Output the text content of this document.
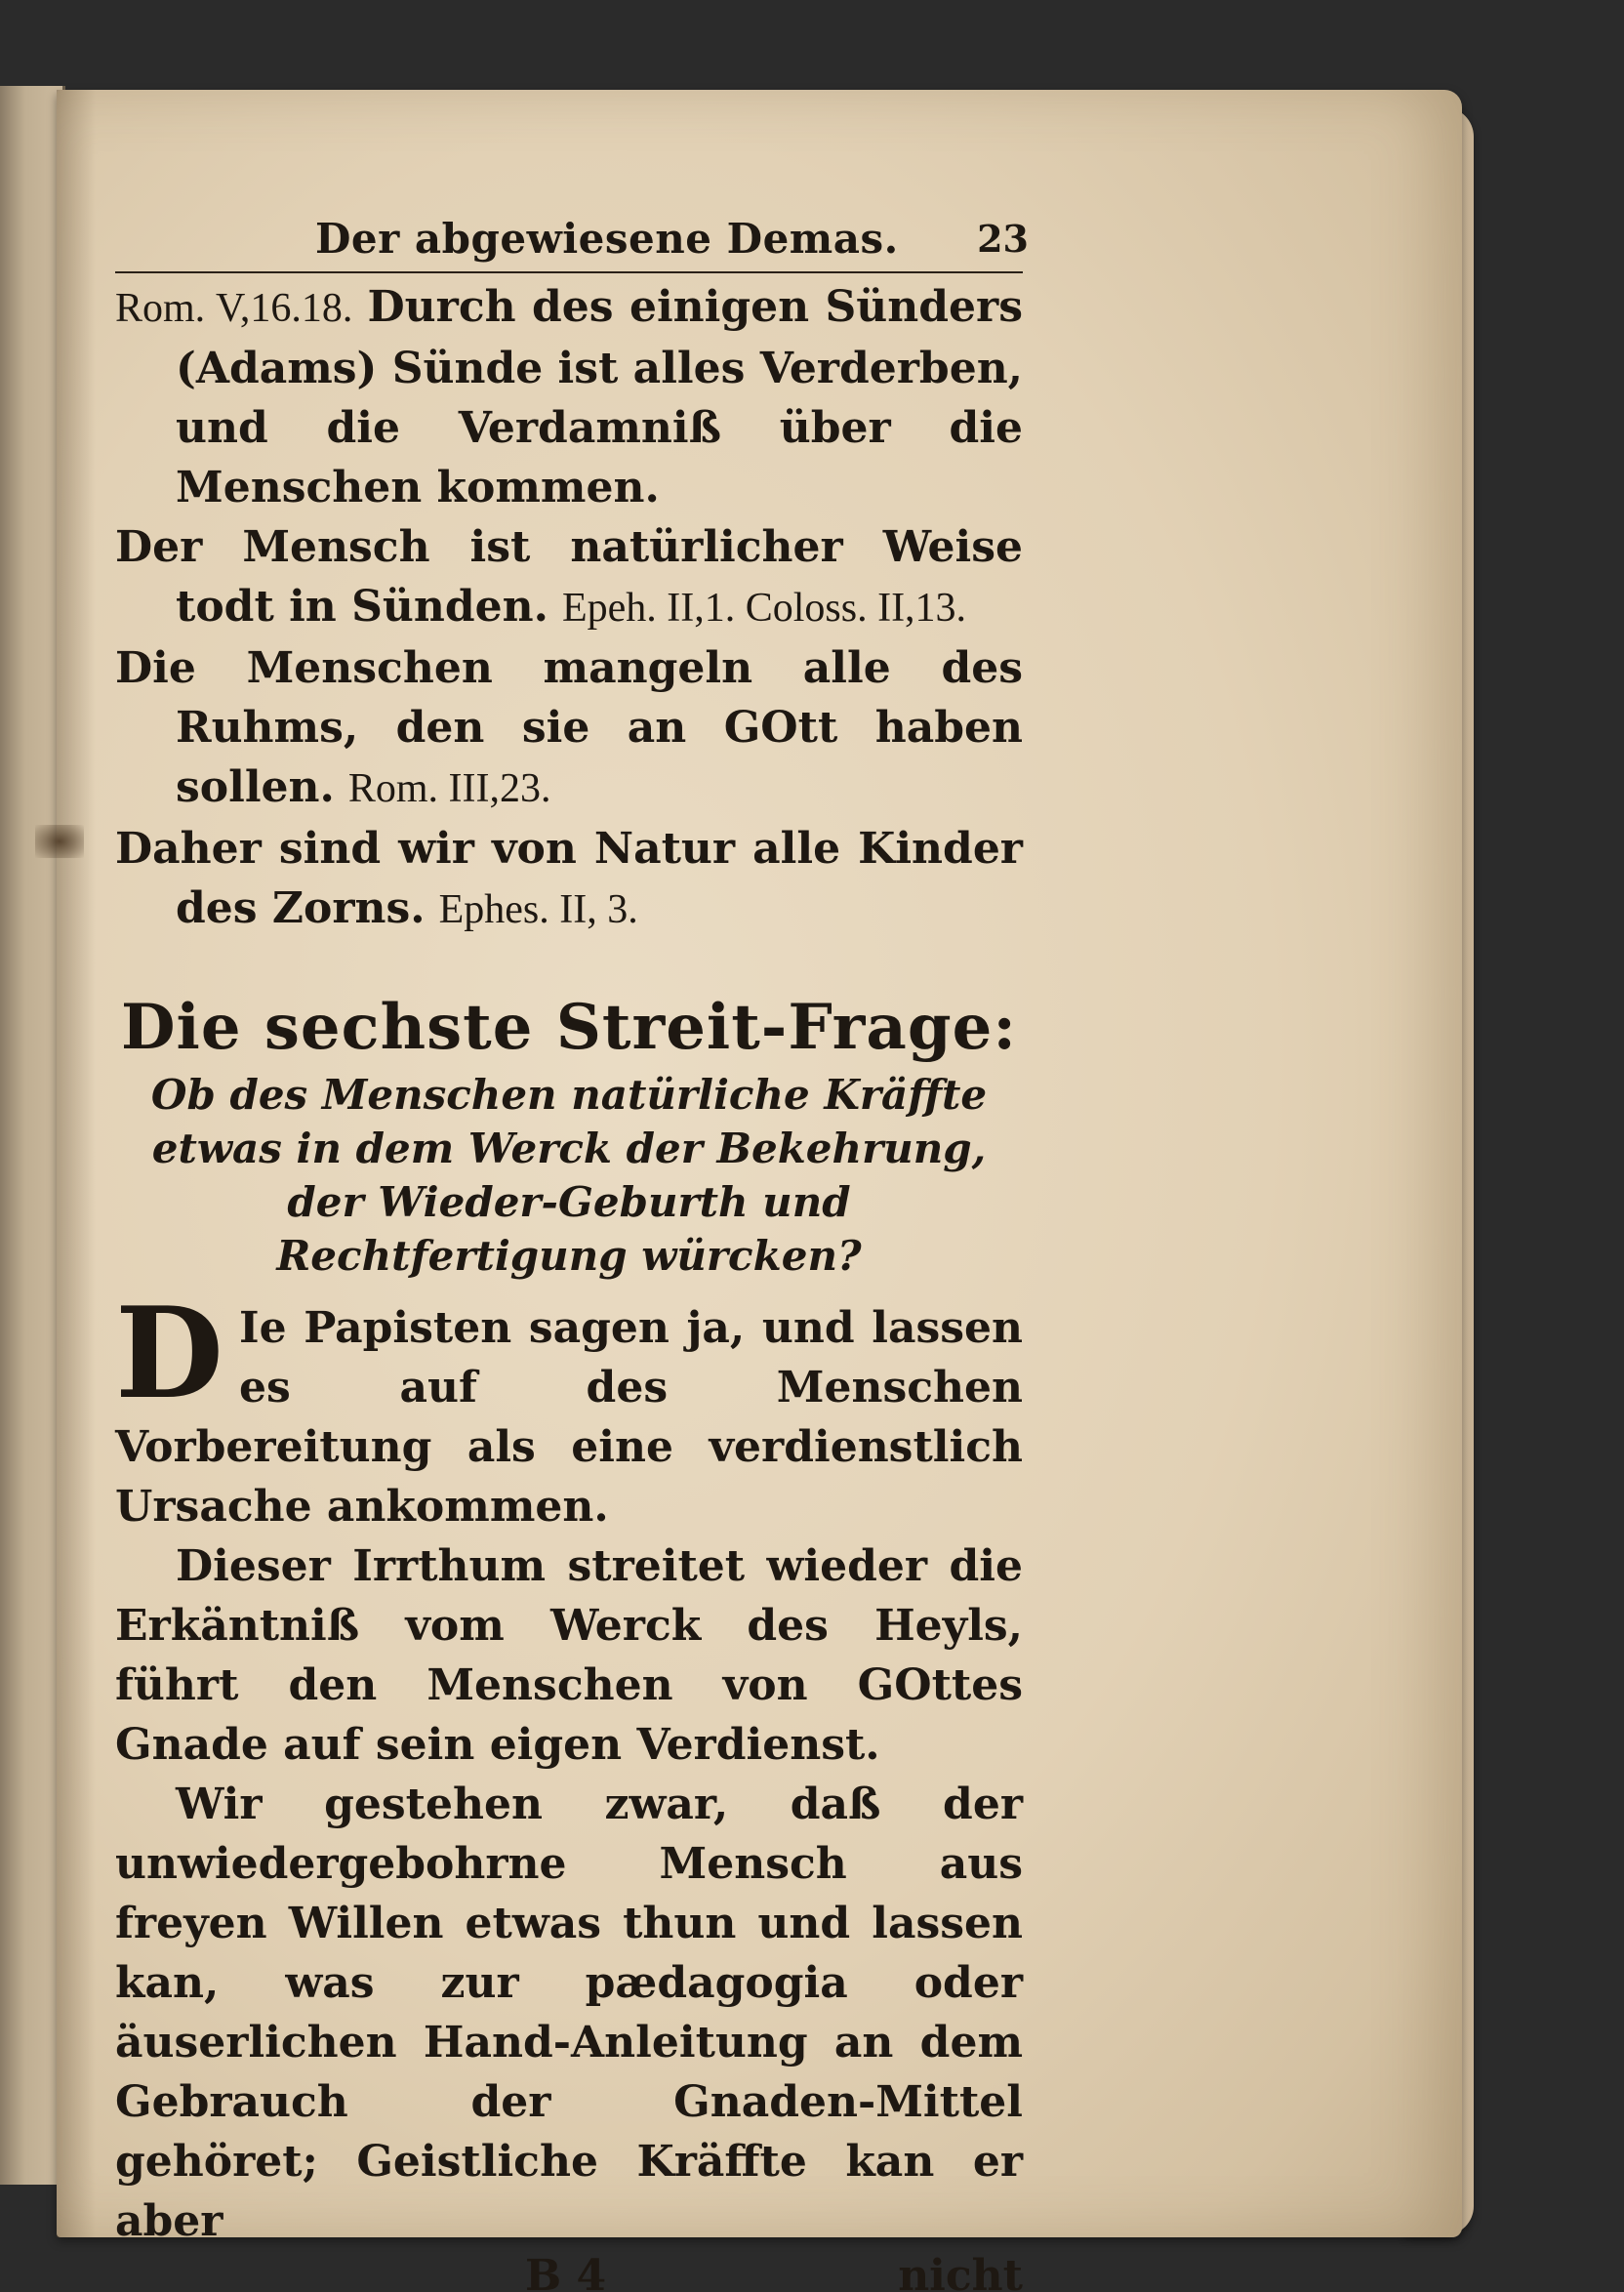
Der abgewiesene Demas. 23

Rom. V,16.18. Durch des einigen Sünders (Adams) Sünde ist alles Verderben, und die Verdamniß über die Menschen kommen.

Der Mensch ist natürlicher Weise todt in Sünden. Epeh. II,1. Coloss. II,13.

Die Menschen mangeln alle des Ruhms, den sie an GOtt haben sollen. Rom. III,23.

Daher sind wir von Natur alle Kinder des Zorns. Ephes. II, 3.

Die sechste Streit-Frage:
Ob des Menschen natürliche Kräffte etwas in dem Werck der Bekehrung, der Wieder-Geburth und Rechtfertigung würcken?

D Ie Papisten sagen ja, und lassen es auf des Menschen Vorbereitung als eine verdienstlich Ursache ankommen.

Dieser Irrthum streitet wieder die Erkäntniß vom Werck des Heyls, führt den Menschen von GOttes Gnade auf sein eigen Verdienst.

Wir gestehen zwar, daß der unwiedergebohrne Mensch aus freyen Willen etwas thun und lassen kan, was zur pædagogia oder äuserlichen Hand-Anleitung an dem Gebrauch der Gnaden-Mittel gehöret; Geistliche Kräffte kan er aber

B 4	nicht
